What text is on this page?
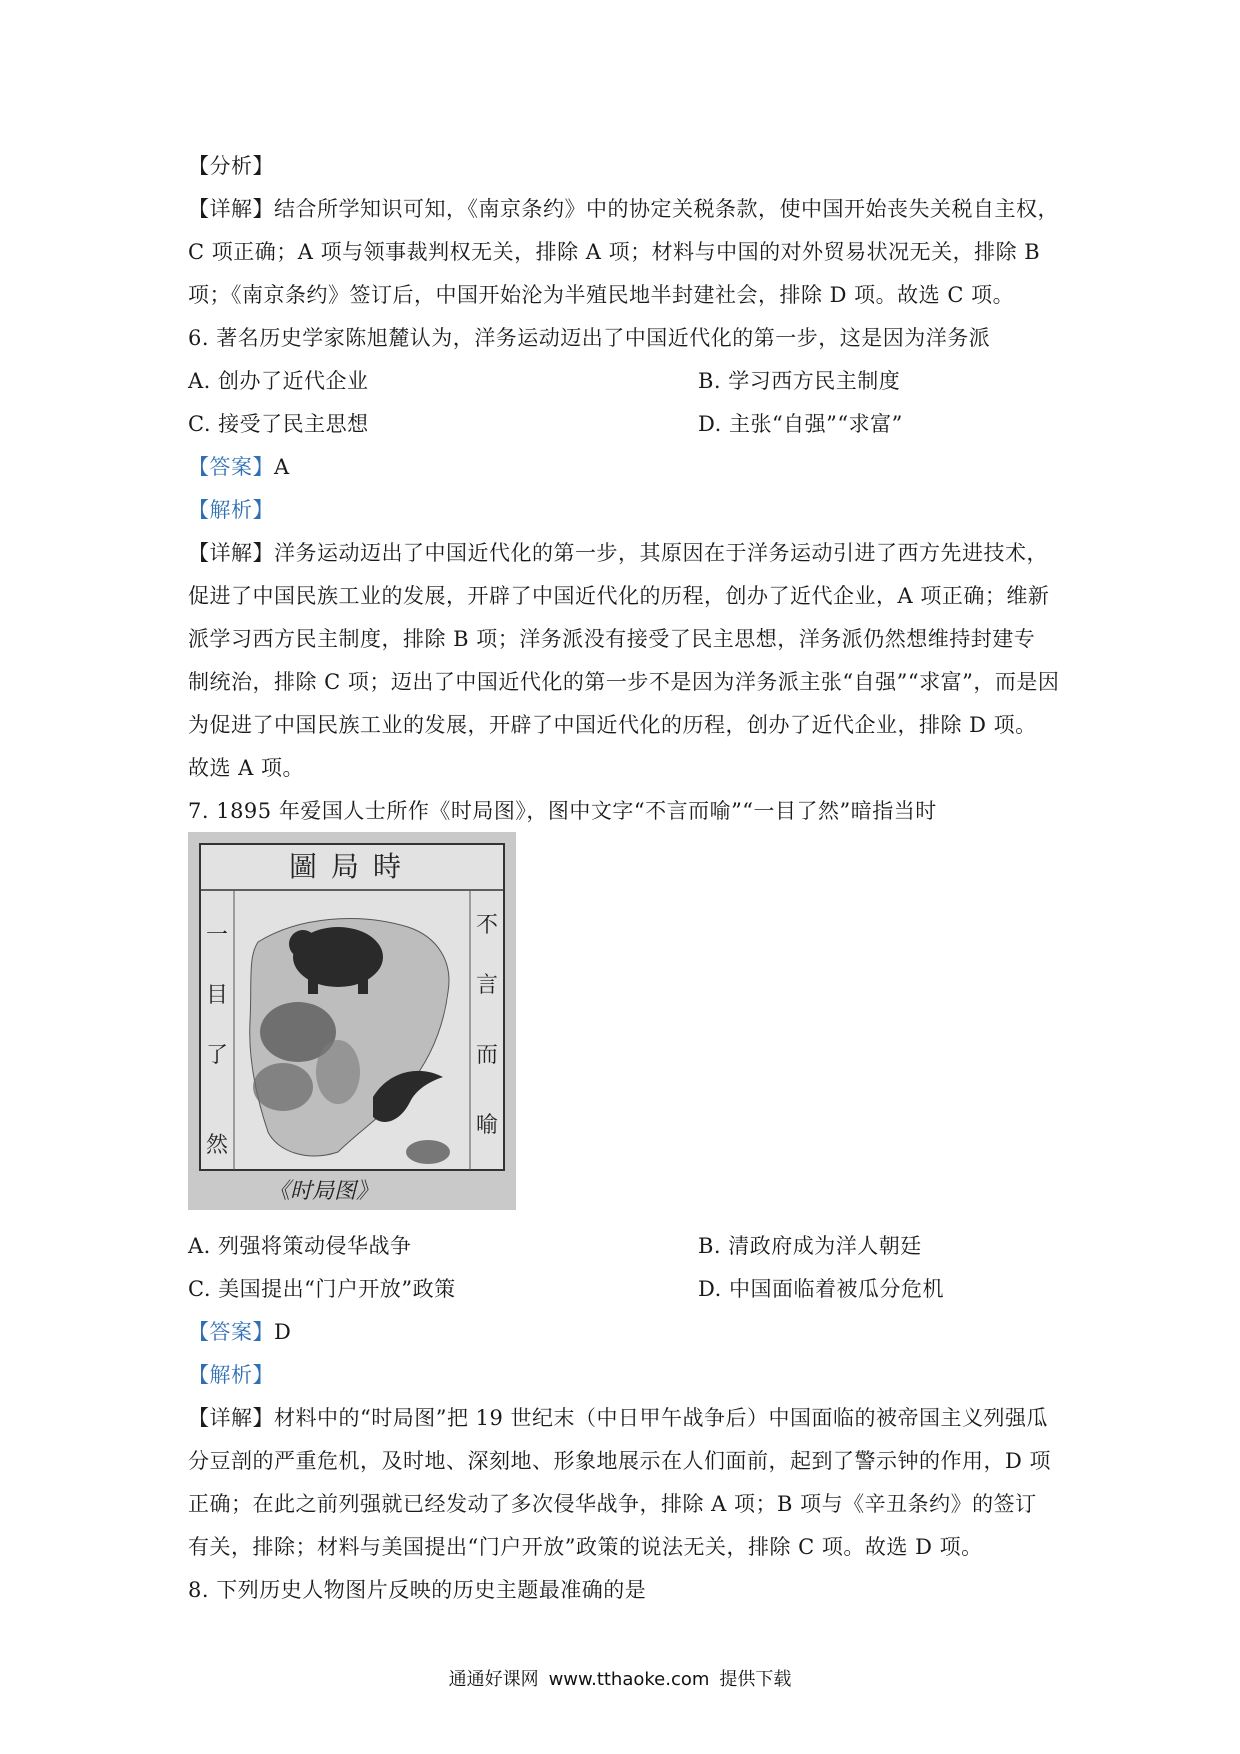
【分析】
【详解】结合所学知识可知，《南京条约》中的协定关税条款，使中国开始丧失关税自主权，
C 项正确；A 项与领事裁判权无关，排除 A 项；材料与中国的对外贸易状况无关，排除 B
项；《南京条约》签订后，中国开始沦为半殖民地半封建社会，排除 D 项。故选 C 项。
6. 著名历史学家陈旭麓认为，洋务运动迈出了中国近代化的第一步，这是因为洋务派
A. 创办了近代企业	B. 学习西方民主制度
C. 接受了民主思想	D. 主张“自强”“求富”
【答案】A
【解析】
【详解】洋务运动迈出了中国近代化的第一步，其原因在于洋务运动引进了西方先进技术，
促进了中国民族工业的发展，开辟了中国近代化的历程，创办了近代企业，A 项正确；维新
派学习西方民主制度，排除 B 项；洋务派没有接受了民主思想，洋务派仍然想维持封建专
制统治，排除 C 项；迈出了中国近代化的第一步不是因为洋务派主张“自强”“求富”，而是因
为促进了中国民族工业的发展，开辟了中国近代化的历程，创办了近代企业，排除 D 项。
故选 A 项。
7. 1895 年爱国人士所作《时局图》，图中文字“不言而喻”“一目了然”暗指当时
A. 列强将策动侵华战争	B. 清政府成为洋人朝廷
C. 美国提出“门户开放”政策	D. 中国面临着被瓜分危机
【答案】D
【解析】
【详解】材料中的“时局图”把 19 世纪末（中日甲午战争后）中国面临的被帝国主义列强瓜
分豆剖的严重危机，及时地、深刻地、形象地展示在人们面前，起到了警示钟的作用，D 项
正确；在此之前列强就已经发动了多次侵华战争，排除 A 项；B 项与《辛丑条约》的签订
有关，排除；材料与美国提出“门户开放”政策的说法无关，排除 C 项。故选 D 项。
8. 下列历史人物图片反映的历史主题最准确的是
圖局時
一
目
了
然
不
言
而
喻
《时局图》
通通好课网 www.tthaoke.com 提供下载
